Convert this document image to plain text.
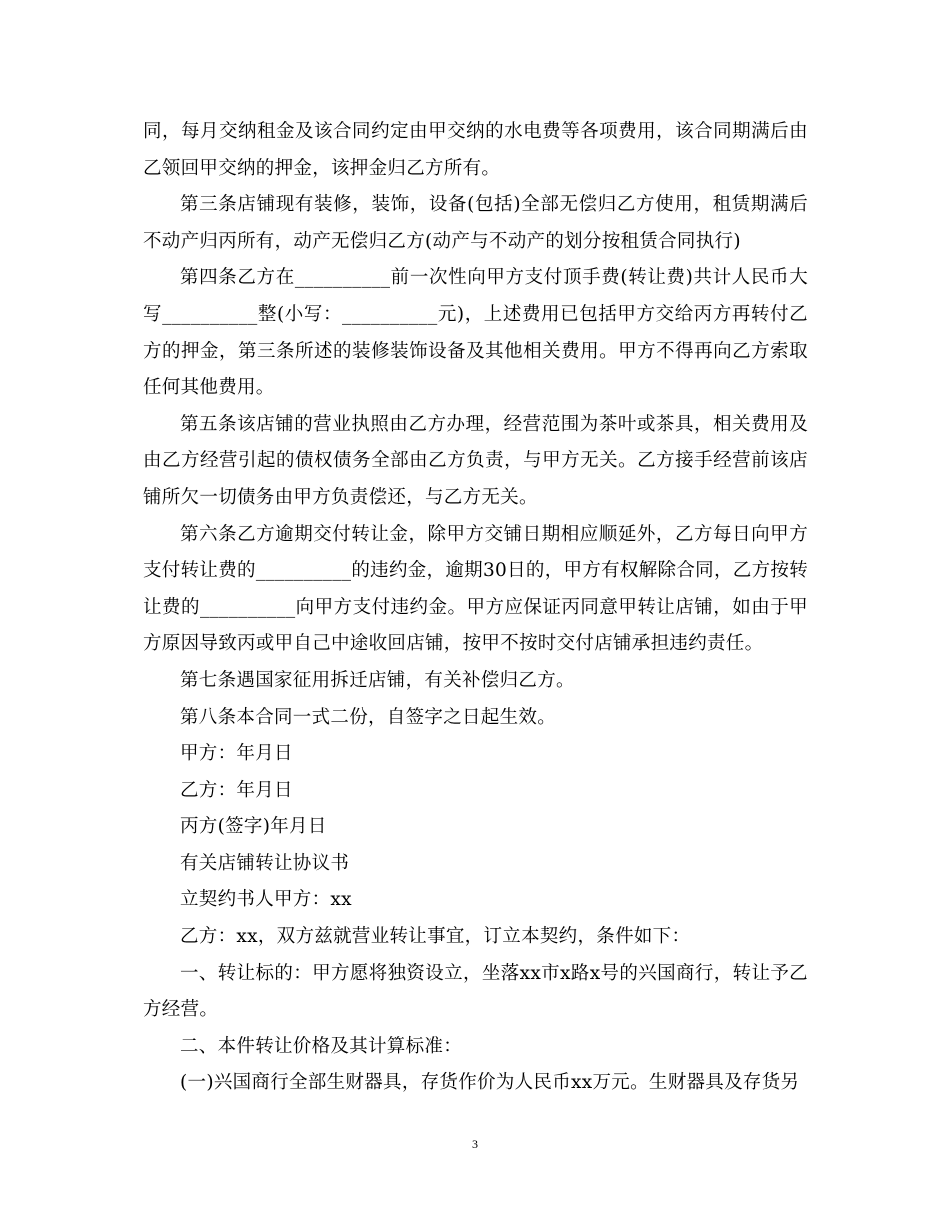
同，每月交纳租金及该合同约定由甲交纳的水电费等各项费用，该合同期满后由乙领回甲交纳的押金，该押金归乙方所有。

第三条店铺现有装修，装饰，设备(包括)全部无偿归乙方使用，租赁期满后不动产归丙所有，动产无偿归乙方(动产与不动产的划分按租赁合同执行)

第四条乙方在__________前一次性向甲方支付顶手费(转让费)共计人民币大写__________整(小写：__________元)，上述费用已包括甲方交给丙方再转付乙方的押金，第三条所述的装修装饰设备及其他相关费用。甲方不得再向乙方索取任何其他费用。

第五条该店铺的营业执照由乙方办理，经营范围为茶叶或茶具，相关费用及由乙方经营引起的债权债务全部由乙方负责，与甲方无关。乙方接手经营前该店铺所欠一切债务由甲方负责偿还，与乙方无关。

第六条乙方逾期交付转让金，除甲方交铺日期相应顺延外，乙方每日向甲方支付转让费的__________的违约金，逾期30日的，甲方有权解除合同，乙方按转让费的__________向甲方支付违约金。甲方应保证丙同意甲转让店铺，如由于甲方原因导致丙或甲自己中途收回店铺，按甲不按时交付店铺承担违约责任。

第七条遇国家征用拆迁店铺，有关补偿归乙方。

第八条本合同一式二份，自签字之日起生效。

甲方：年月日

乙方：年月日

丙方(签字)年月日

有关店铺转让协议书

立契约书人甲方：xx

乙方：xx，双方兹就营业转让事宜，订立本契约，条件如下：

一、转让标的：甲方愿将独资设立，坐落xx市x路x号的兴国商行，转让予乙方经营。

二、本件转让价格及其计算标准：

(一)兴国商行全部生财器具，存货作价为人民币xx万元。生财器具及存货另

3
